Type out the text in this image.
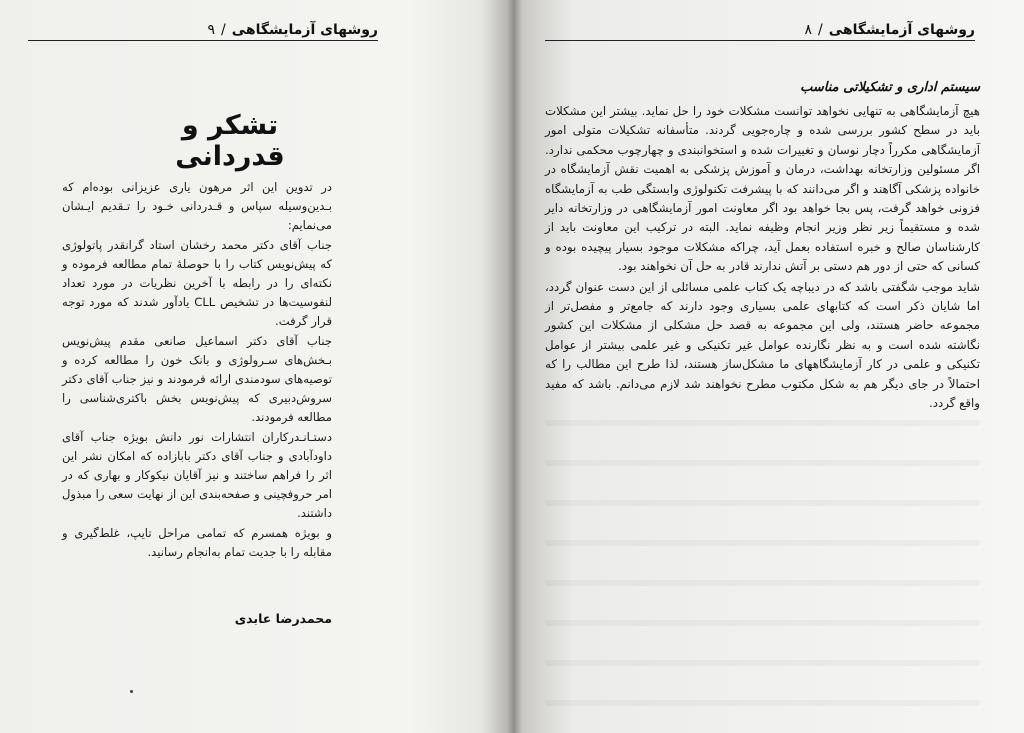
روشهای آزمایشگاهی
/
۹
تشکر و قدردانی

در تدوین این اثر مرهون یاری عزیزانی بوده‌ام که بـدین‌وسیله سپاس و قـدردانی خـود را تـقدیم ایـشان می‌نمایم:

جناب آقای دکتر محمد رخشان استاد گرانقدر پاتولوژی که پیش‌نویس کتاب را با حوصلهٔ تمام مطالعه فرموده و نکته‌ای را در رابطه با آخرین نظریات در مورد تعداد لنفوسیت‌ها در تشخیص CLL یادآور شدند که مورد توجه قرار گرفت.

جناب آقای دکتر اسماعیل صانعی مقدم پیش‌نویس بـخش‌های سـرولوژی و بانک خون را مطالعه کرده و توصیه‌های سودمندی ارائه فرمودند و نیز جناب آقای دکتر سروش‌دبیری که پیش‌نویس بخش باکتری‌شناسی را مطالعه فرمودند.

دستـانـدرکاران انتشارات نور دانش بویژه جناب آقای داودآبادی و جناب آقای دکتر بابازاده که امکان نشر این اثر را فراهم ساختند و نیز آقایان نیکوکار و بهاری که در امر حروفچینی و صفحه‌بندی این از نهایت سعی را مبذول داشتند.

و بویژه همسرم که تمامی مراحل تایپ، غلط‌گیری و مقابله را با جدیت تمام به‌انجام رسانید.

محمدرضا عابدی
روشهای آزمایشگاهی
/
۸
سیستم اداری و تشکیلاتی مناسب

هیچ آزمایشگاهی به تنهایی نخواهد توانست مشکلات خود را حل نماید. بیشتر این مشکلات باید در سطح کشور بررسی شده و چاره‌جویی گردند. متأسفانه تشکیلات متولی امور آزمایشگاهی مکرراً دچار نوسان و تغییرات شده و استخوانبندی و چهارچوب محکمی ندارد. اگر مسئولین وزارتخانه بهداشت، درمان و آموزش پزشکی به اهمیت نقش آزمایشگاه در خانواده پزشکی آگاهند و اگر می‌دانند که با پیشرفت تکنولوژی وابستگی طب به آزمایشگاه فزونی خواهد گرفت، پس بجا خواهد بود اگر معاونت امور آزمایشگاهی در وزارتخانه دایر شده و مستقیماً زیر نظر وزیر انجام وظیفه نماید. البته در ترکیب این معاونت باید از کارشناسان صالح و خبره استفاده بعمل آید، چراکه مشکلات موجود بسیار پیچیده بوده و کسانی که حتی از دور هم دستی بر آتش ندارند قادر به حل آن نخواهند بود.

شاید موجب شگفتی باشد که در دیباچه یک کتاب علمی مسائلی از این دست عنوان گردد، اما شایان ذکر است که کتابهای علمی بسیاری وجود دارند که جامع‌تر و مفصل‌تر از مجموعه حاضر هستند، ولی این مجموعه به قصد حل مشکلی از مشکلات این کشور نگاشته شده است و به نظر نگارنده عوامل غیر تکنیکی و غیر علمی بیشتر از عوامل تکنیکی و علمی در کار آزمایشگاههای ما مشکل‌ساز هستند، لذا طرح این مطالب را که احتمالاً در جای دیگر هم به شکل مکتوب مطرح نخواهند شد لازم می‌دانم. باشد که مفید واقع گردد.
